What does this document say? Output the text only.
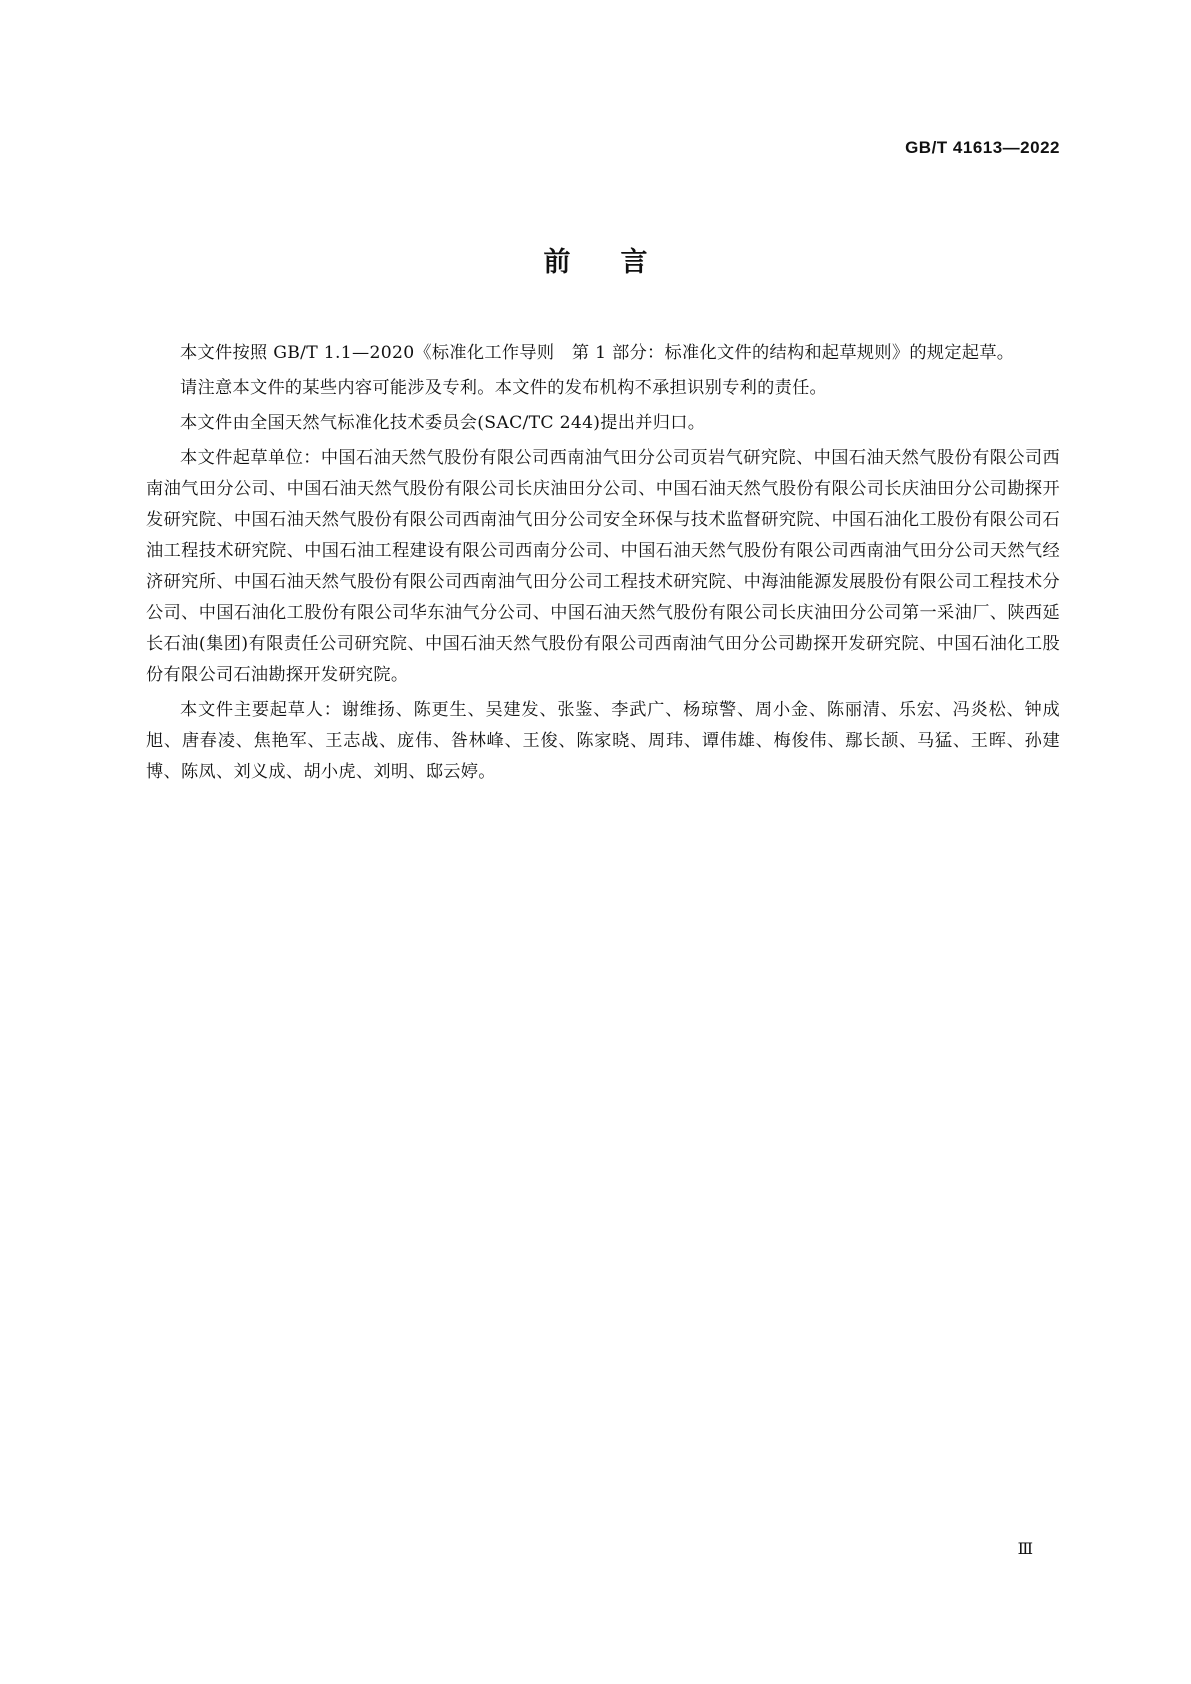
GB/T 41613—2022
前言

本文件按照 GB/T 1.1—2020《标准化工作导则　第 1 部分：标准化文件的结构和起草规则》的规定起草。

请注意本文件的某些内容可能涉及专利。本文件的发布机构不承担识别专利的责任。

本文件由全国天然气标准化技术委员会(SAC/TC 244)提出并归口。

本文件起草单位：中国石油天然气股份有限公司西南油气田分公司页岩气研究院、中国石油天然气股份有限公司西南油气田分公司、中国石油天然气股份有限公司长庆油田分公司、中国石油天然气股份有限公司长庆油田分公司勘探开发研究院、中国石油天然气股份有限公司西南油气田分公司安全环保与技术监督研究院、中国石油化工股份有限公司石油工程技术研究院、中国石油工程建设有限公司西南分公司、中国石油天然气股份有限公司西南油气田分公司天然气经济研究所、中国石油天然气股份有限公司西南油气田分公司工程技术研究院、中海油能源发展股份有限公司工程技术分公司、中国石油化工股份有限公司华东油气分公司、中国石油天然气股份有限公司长庆油田分公司第一采油厂、陕西延长石油(集团)有限责任公司研究院、中国石油天然气股份有限公司西南油气田分公司勘探开发研究院、中国石油化工股份有限公司石油勘探开发研究院。

本文件主要起草人：谢维扬、陈更生、吴建发、张鉴、李武广、杨琼警、周小金、陈丽清、乐宏、冯炎松、钟成旭、唐春凌、焦艳军、王志战、庞伟、昝林峰、王俊、陈家晓、周玮、谭伟雄、梅俊伟、鄢长颉、马猛、王晖、孙建博、陈凤、刘义成、胡小虎、刘明、邸云婷。

Ⅲ
